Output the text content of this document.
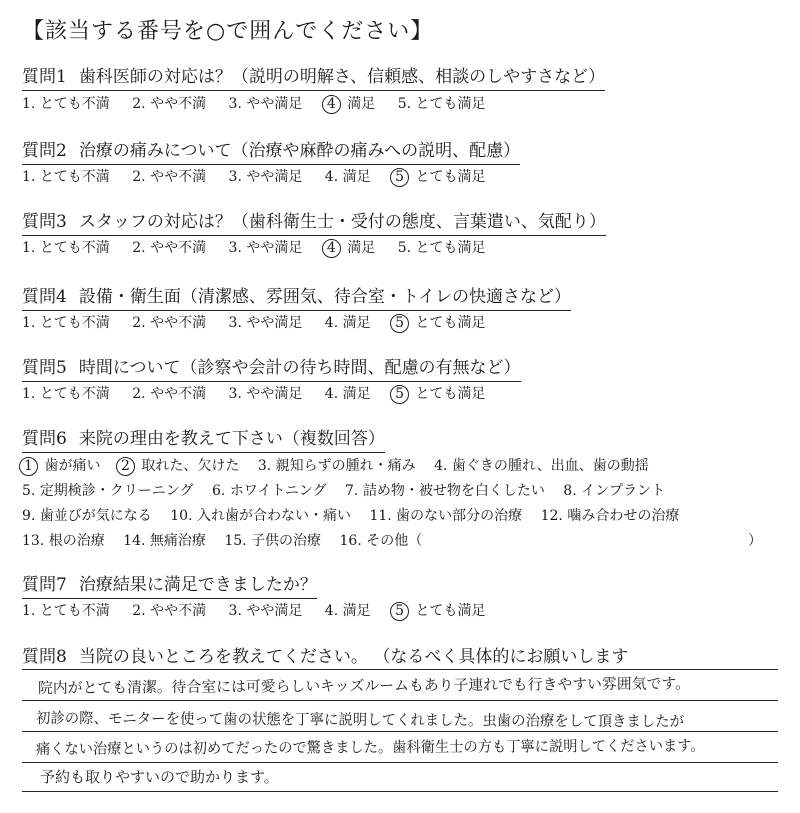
【該当する番号を○で囲んでください】
質問1 歯科医師の対応は？（説明の明解さ、信頼感、相談のしやすさなど）
1. とても不満 2. やや不満 3. やや満足 4 満足 5. とても満足
質問2 治療の痛みについて（治療や麻酔の痛みへの説明、配慮）
1. とても不満 2. やや不満 3. やや満足 4. 満足 5 とても満足
質問3 スタッフの対応は？（歯科衛生士・受付の態度、言葉遣い、気配り）
1. とても不満 2. やや不満 3. やや満足 4 満足 5. とても満足
質問4 設備・衛生面（清潔感、雰囲気、待合室・トイレの快適さなど）
1. とても不満 2. やや不満 3. やや満足 4. 満足 5 とても満足
質問5 時間について（診察や会計の待ち時間、配慮の有無など）
1. とても不満 2. やや不満 3. やや満足 4. 満足 5 とても満足
質問6 来院の理由を教えて下さい（複数回答）
1 歯が痛い 2 取れた、欠けた 3. 親知らずの腫れ・痛み 4. 歯ぐきの腫れ、出血、歯の動揺
5. 定期検診・クリーニング 6. ホワイトニング 7. 詰め物・被せ物を白くしたい 8. インプラント
9. 歯並びが気になる 10. 入れ歯が合わない・痛い 11. 歯のない部分の治療 12. 噛み合わせの治療
13. 根の治療 14. 無痛治療 15. 子供の治療 16. その他（	）
質問7 治療結果に満足できましたか？
1. とても不満 2. やや不満 3. やや満足 4. 満足 5 とても満足
質問8 当院の良いところを教えてください。 （なるべく具体的にお願いします
院内がとても清潔。待合室には可愛らしいキッズルームもあり子連れでも行きやすい雰囲気です。
初診の際、モニターを使って歯の状態を丁寧に説明してくれました。虫歯の治療をして頂きましたが
痛くない治療というのは初めてだったので驚きました。歯科衛生士の方も丁寧に説明してくださいます。
予約も取りやすいので助かります。
